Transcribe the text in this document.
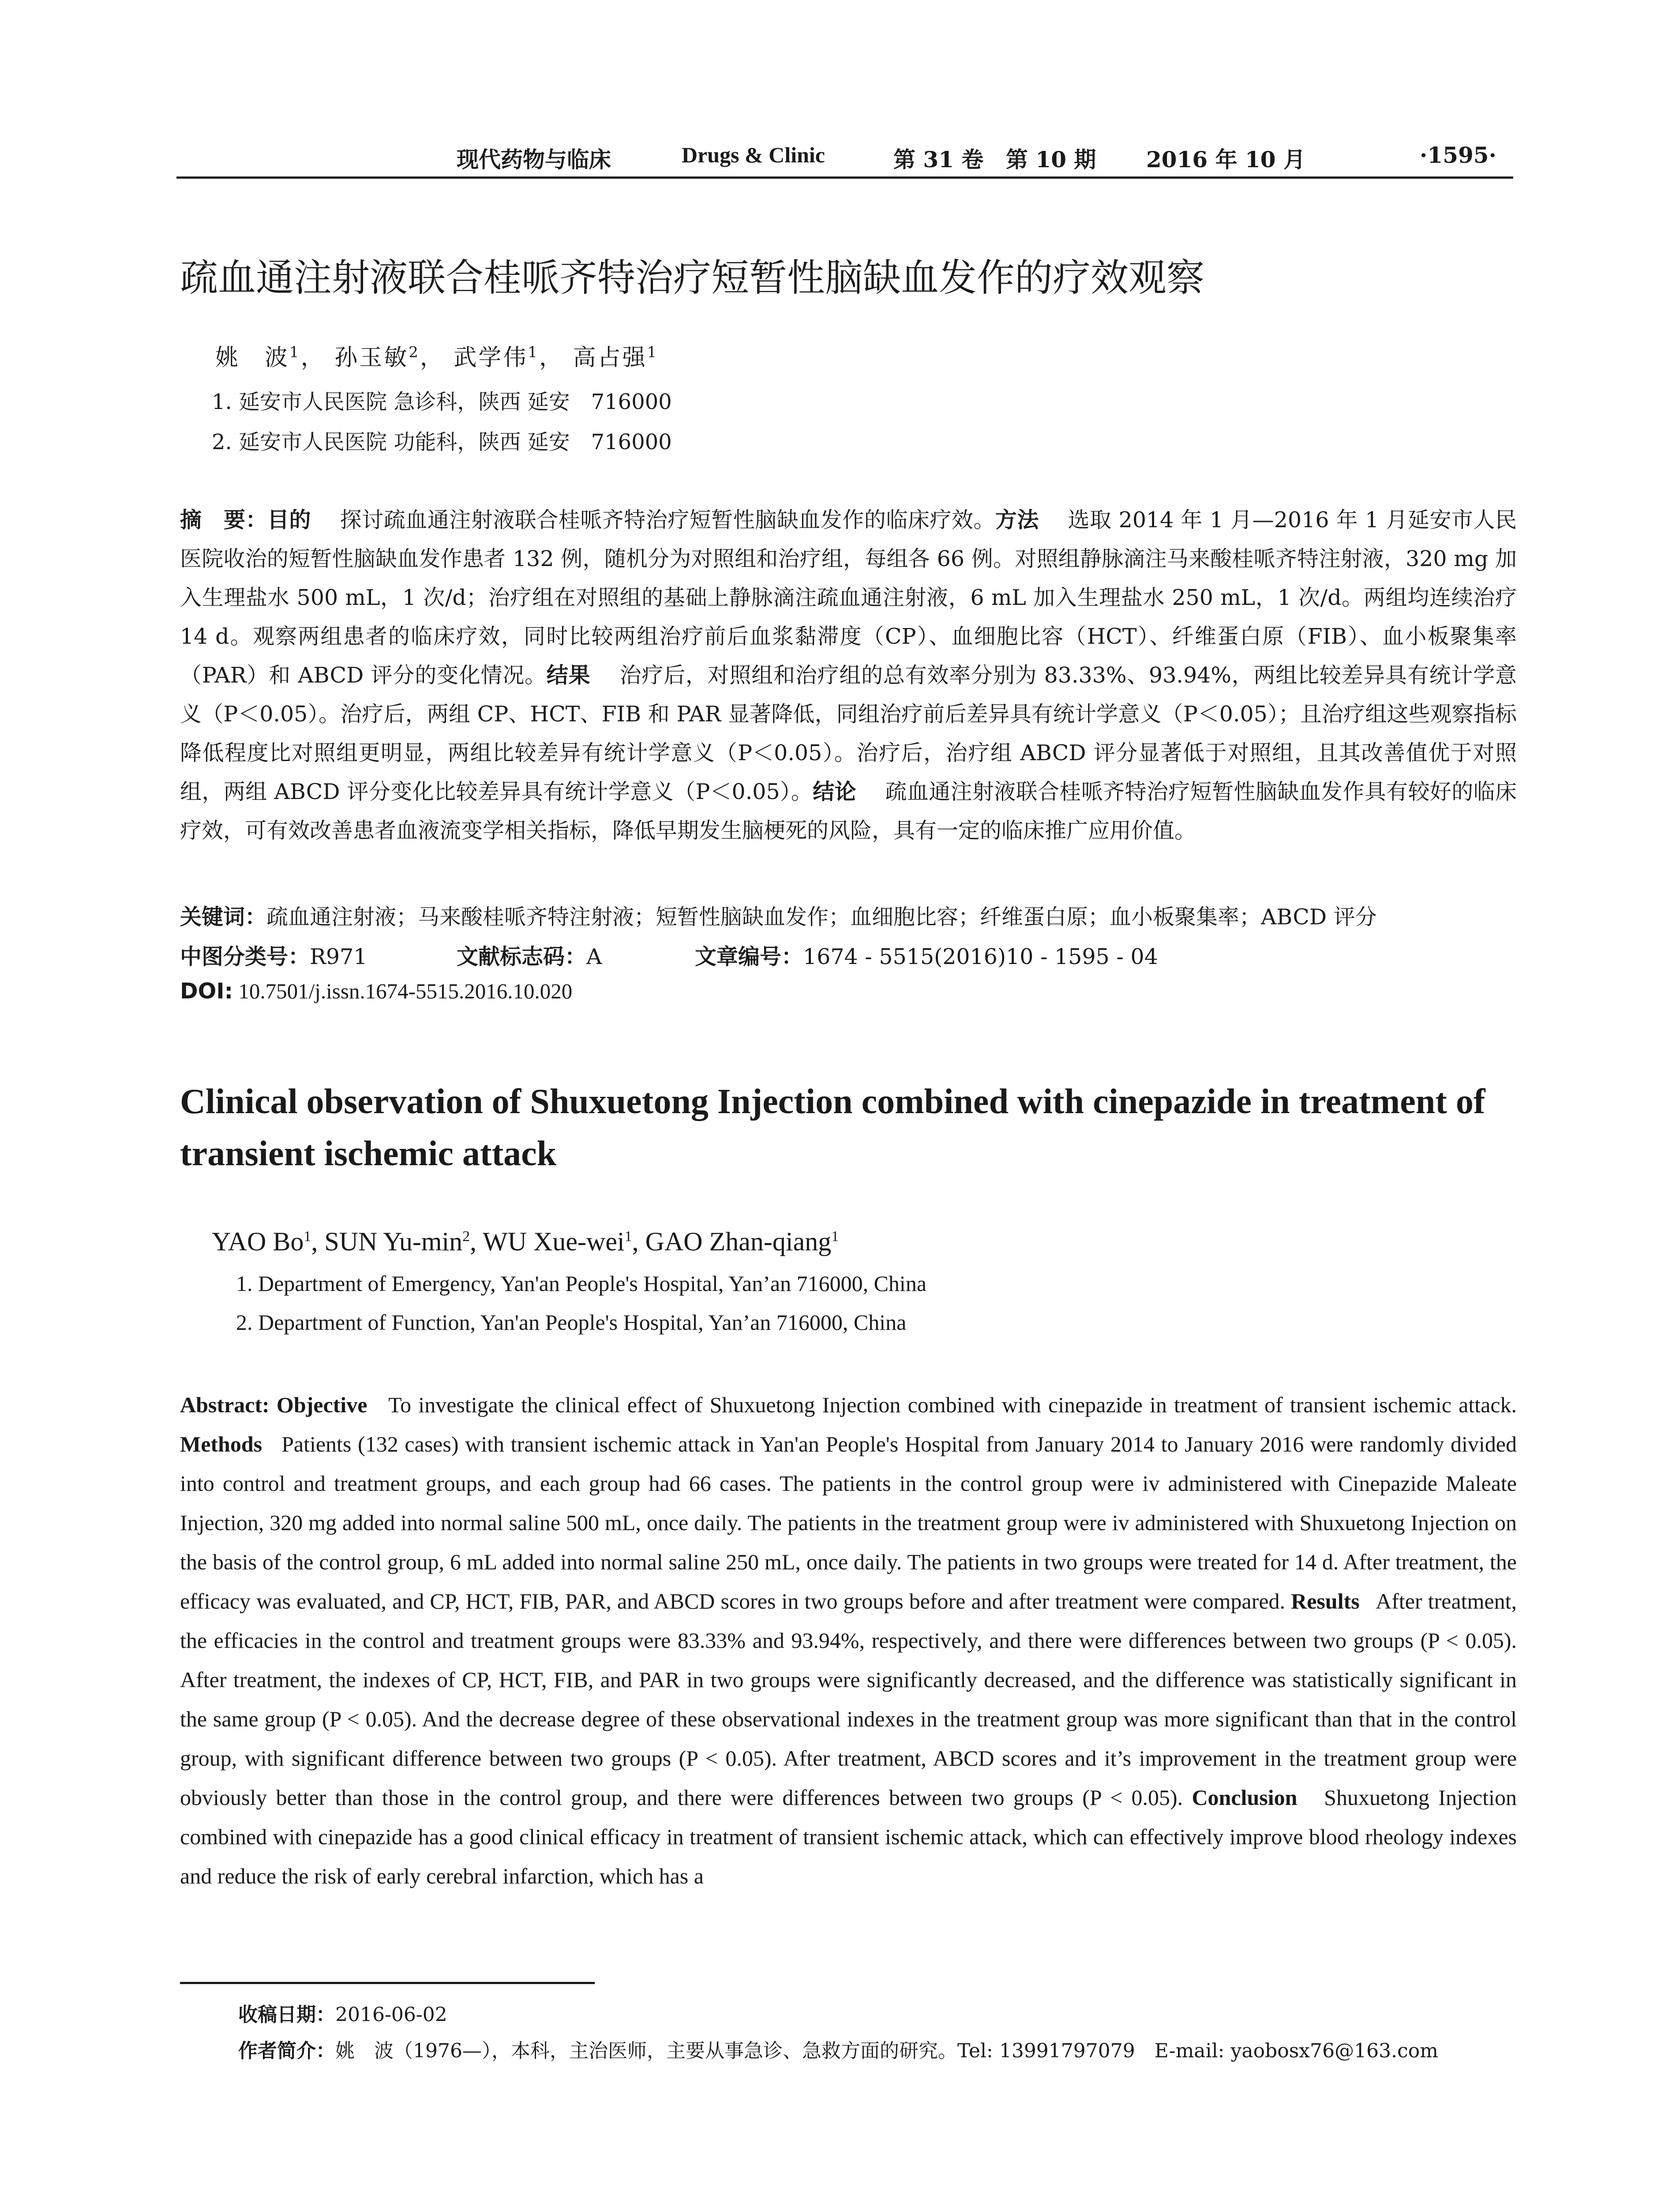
现代药物与临床	Drugs & Clinic	第 31 卷 第 10 期 2016 年 10 月	·1595·
疏血通注射液联合桂哌齐特治疗短暂性脑缺血发作的疗效观察
姚　波$^1$， 孙玉敏$^2$， 武学伟$^1$， 高占强$^1$
1. 延安市人民医院 急诊科，陕西 延安　716000
2. 延安市人民医院 功能科，陕西 延安　716000
摘　要：目的　 探讨疏血通注射液联合桂哌齐特治疗短暂性脑缺血发作的临床疗效。方法　 选取 2014 年 1 月—2016 年 1 月延安市人民医院收治的短暂性脑缺血发作患者 132 例，随机分为对照组和治疗组，每组各 66 例。对照组静脉滴注马来酸桂哌齐特注射液，320 mg 加入生理盐水 500 mL，1 次/d；治疗组在对照组的基础上静脉滴注疏血通注射液，6 mL 加入生理盐水 250 mL，1 次/d。两组均连续治疗 14 d。观察两组患者的临床疗效，同时比较两组治疗前后血浆黏滞度（CP）、血细胞比容（HCT）、纤维蛋白原（FIB）、血小板聚集率（PAR）和 ABCD 评分的变化情况。结果　 治疗后，对照组和治疗组的总有效率分别为 83.33%、93.94%，两组比较差异具有统计学意义（P＜0.05）。治疗后，两组 CP、HCT、FIB 和 PAR 显著降低，同组治疗前后差异具有统计学意义（P＜0.05）；且治疗组这些观察指标降低程度比对照组更明显，两组比较差异有统计学意义（P＜0.05）。治疗后，治疗组 ABCD 评分显著低于对照组，且其改善值优于对照组，两组 ABCD 评分变化比较差异具有统计学意义（P＜0.05）。结论　 疏血通注射液联合桂哌齐特治疗短暂性脑缺血发作具有较好的临床疗效，可有效改善患者血液流变学相关指标，降低早期发生脑梗死的风险，具有一定的临床推广应用价值。
关键词：疏血通注射液；马来酸桂哌齐特注射液；短暂性脑缺血发作；血细胞比容；纤维蛋白原；血小板聚集率；ABCD 评分
中图分类号：R971	文献标志码：A	文章编号：1674 - 5515(2016)10 - 1595 - 04
DOI: 10.7501/j.issn.1674-5515.2016.10.020
Clinical observation of Shuxuetong Injection combined with cinepazide in treatment of transient ischemic attack
YAO Bo$^1$, SUN $Yu-\min^2$, WU Xue-wei$^1$, GAO Zhan-qiang$^1$
1. Department of Emergency, Yan'an People's Hospital, Yan’an 716000, China
2. Department of Function, Yan'an People's Hospital, Yan’an 716000, China
Abstract: Objective To investigate the clinical effect of Shuxuetong Injection combined with cinepazide in treatment of transient ischemic attack. Methods Patients (132 cases) with transient ischemic attack in Yan'an People's Hospital from January 2014 to January 2016 were randomly divided into control and treatment groups, and each group had 66 cases. The patients in the control group were iv administered with Cinepazide Maleate Injection, 320 mg added into normal saline 500 mL, once daily. The patients in the treatment group were iv administered with Shuxuetong Injection on the basis of the control group, 6 mL added into normal saline 250 mL, once daily. The patients in two groups were treated for 14 d. After treatment, the efficacy was evaluated, and CP, HCT, FIB, PAR, and ABCD scores in two groups before and after treatment were compared. Results After treatment, the efficacies in the control and treatment groups were 83.33% and 93.94%, respectively, and there were differences between two groups (P < 0.05). After treatment, the indexes of CP, HCT, FIB, and PAR in two groups were significantly decreased, and the difference was statistically significant in the same group (P < 0.05). And the decrease degree of these observational indexes in the treatment group was more significant than that in the control group, with significant difference between two groups (P < 0.05). After treatment, ABCD scores and it’s improvement in the treatment group were obviously better than those in the control group, and there were differences between two groups (P < 0.05). Conclusion Shuxuetong Injection combined with cinepazide has a good clinical efficacy in treatment of transient ischemic attack, which can effectively improve blood rheology indexes and reduce the risk of early cerebral infarction, which has a
收稿日期：2016-06-02
作者简介：姚　波（1976—），本科，主治医师，主要从事急诊、急救方面的研究。Tel: 13991797079　E-mail: yaobosx76@163.com
